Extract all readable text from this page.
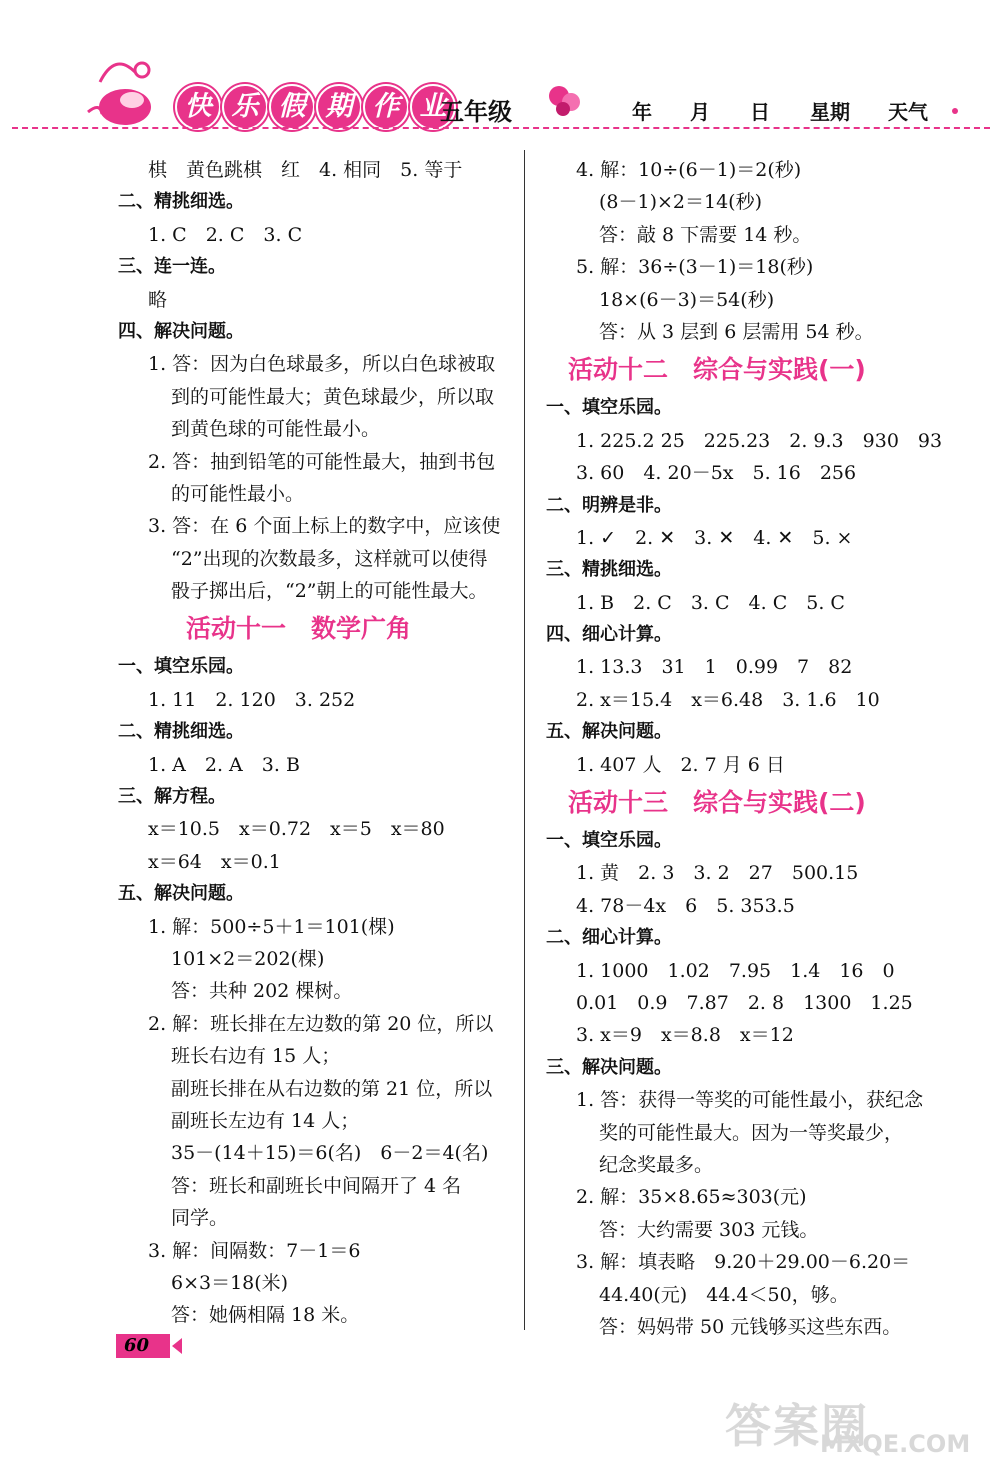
快 乐 假 期 作 业
五年级	年 月 日 星期 天气
棋　黄色跳棋　红　4. 相同　5. 等于
二、精挑细选。
1. C　2. C　3. C
三、连一连。
略
四、解决问题。
1. 答：因为白色球最多，所以白色球被取
到的可能性最大；黄色球最少，所以取
到黄色球的可能性最小。
2. 答：抽到铅笔的可能性最大，抽到书包
的可能性最小。
3. 答：在 6 个面上标上的数字中，应该使
“2”出现的次数最多，这样就可以使得
骰子掷出后，“2”朝上的可能性最大。
活动十一　数学广角
一、填空乐园。
1. 11　2. 120　3. 252
二、精挑细选。
1. A　2. A　3. B
三、解方程。
x＝10.5　x＝0.72　x＝5　x＝80
x＝64　x＝0.1
五、解决问题。
1. 解：500÷5＋1＝101(棵)
101×2＝202(棵)
答：共种 202 棵树。
2. 解：班长排在左边数的第 20 位，所以
班长右边有 15 人；
副班长排在从右边数的第 21 位，所以
副班长左边有 14 人；
35－(14＋15)＝6(名)　6－2＝4(名)
答：班长和副班长中间隔开了 4 名
同学。
3. 解：间隔数：7－1＝6
6×3＝18(米)
答：她俩相隔 18 米。
4. 解：10÷(6－1)＝2(秒)
(8－1)×2＝14(秒)
答：敲 8 下需要 14 秒。
5. 解：36÷(3－1)＝18(秒)
18×(6－3)＝54(秒)
答：从 3 层到 6 层需用 54 秒。
活动十二　综合与实践(一)
一、填空乐园。
1. 225.2 2̇5̇　225.23　2. 9.3　930　93
3. 60　4. 20－5x　5. 16　256
二、明辨是非。
1. ✓　2. ✕　3. ✕　4. ✕　5. ×
三、精挑细选。
1. B　2. C　3. C　4. C　5. C
四、细心计算。
1. 13.3　31　1　0.99　7　82
2. x＝15.4　x＝6.48　3. 1.6　10
五、解决问题。
1. 407 人　2. 7 月 6 日
活动十三　综合与实践(二)
一、填空乐园。
1. 黄　2. 3　3. 2　27　500.15
4. 78－4x　6　5. 353.5
二、细心计算。
1. 1000　1.02　7.95　1.4　16　0
0.01　0.9　7.87　2. 8　1300　1.25
3. x＝9　x＝8.8　x＝12
三、解决问题。
1. 答：获得一等奖的可能性最小，获纪念
奖的可能性最大。因为一等奖最少，
纪念奖最多。
2. 解：35×8.65≈303(元)
答：大约需要 303 元钱。
3. 解：填表略　9.20＋29.00－6.20＝
44.40(元)　44.4＜50，够。
答：妈妈带 50 元钱够买这些东西。
60
答案圈
MXQE.COM
